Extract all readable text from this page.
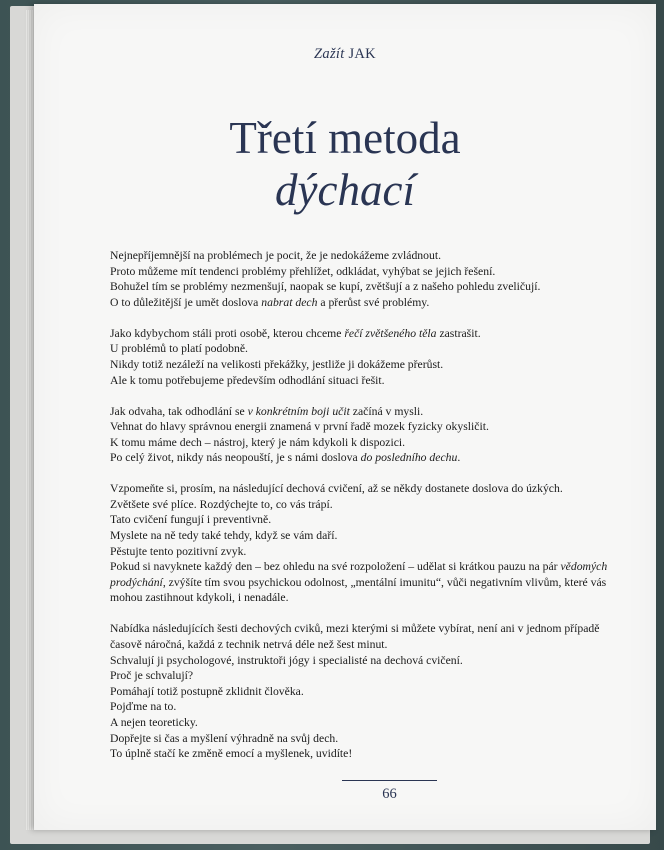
Zažít JAK
Třetí metoda
dýchací
Nejnepříjemnější na problémech je pocit, že je nedokážeme zvládnout.
Proto můžeme mít tendenci problémy přehlížet, odkládat, vyhýbat se jejich řešení.
Bohužel tím se problémy nezmenšují, naopak se kupí, zvětšují a z našeho pohledu zveličují.
O to důležitější je umět doslova nabrat dech a přerůst své problémy.
Jako kdybychom stáli proti osobě, kterou chceme řečí zvětšeného těla zastrašit.
U problémů to platí podobně.
Nikdy totiž nezáleží na velikosti překážky, jestliže ji dokážeme přerůst.
Ale k tomu potřebujeme především odhodlání situaci řešit.
Jak odvaha, tak odhodlání se v konkrétním boji učit začíná v mysli.
Vehnat do hlavy správnou energii znamená v první řadě mozek fyzicky okysličit.
K tomu máme dech – nástroj, který je nám kdykoli k dispozici.
Po celý život, nikdy nás neopouští, je s námi doslova do posledního dechu.
Vzpomeňte si, prosím, na následující dechová cvičení, až se někdy dostanete doslova do úzkých.
Zvětšete své plíce. Rozdýchejte to, co vás trápí.
Tato cvičení fungují i preventivně.
Myslete na ně tedy také tehdy, když se vám daří.
Pěstujte tento pozitivní zvyk.
Pokud si navyknete každý den – bez ohledu na své rozpoložení – udělat si krátkou pauzu na pár vědomých
prodýchání, zvýšíte tím svou psychickou odolnost, „mentální imunitu“, vůči negativním vlivům, které vás
mohou zastihnout kdykoli, i nenadále.
Nabídka následujících šesti dechových cviků, mezi kterými si můžete vybírat, není ani v jednom případě
časově náročná, každá z technik netrvá déle než šest minut.
Schvalují ji psychologové, instruktoři jógy i specialisté na dechová cvičení.
Proč je schvalují?
Pomáhají totiž postupně zklidnit člověka.
Pojďme na to.
A nejen teoreticky.
Dopřejte si čas a myšlení výhradně na svůj dech.
To úplně stačí ke změně emocí a myšlenek, uvidíte!
66
